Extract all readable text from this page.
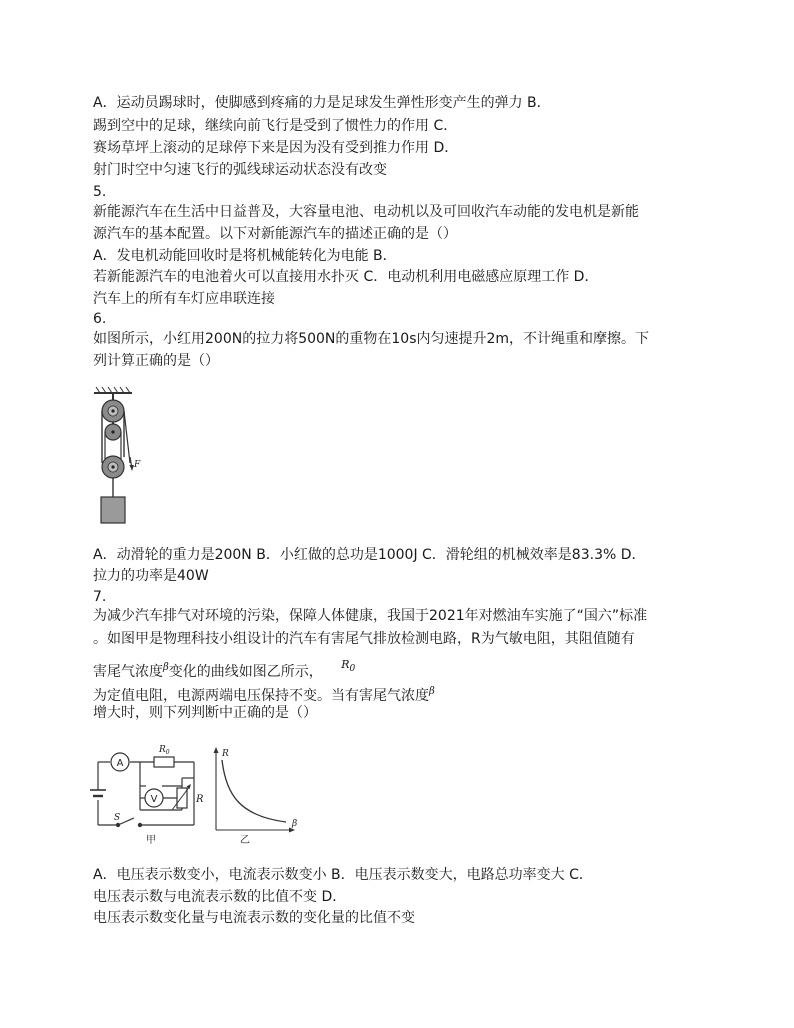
A．运动员踢球时，使脚感到疼痛的力是足球发生弹性形变产生的弹力 B．
踢到空中的足球，继续向前飞行是受到了惯性力的作用 C．
赛场草坪上滚动的足球停下来是因为没有受到推力作用 D．
射门时空中匀速飞行的弧线球运动状态没有改变
5.
新能源汽车在生活中日益普及，大容量电池、电动机以及可回收汽车动能的发电机是新能
源汽车的基本配置。以下对新能源汽车的描述正确的是（）
A．发电机动能回收时是将机械能转化为电能 B．
若新能源汽车的电池着火可以直接用水扑灭 C．电动机利用电磁感应原理工作 D．
汽车上的所有车灯应串联连接
6.
如图所示，小红用200N的拉力将500N的重物在10s内匀速提升2m，不计绳重和摩擦。下
列计算正确的是（）
F
A．动滑轮的重力是200N B．小红做的总功是1000J C．滑轮组的机械效率是83.3% D．
拉力的功率是40W
7.
为减少汽车排气对环境的污染，保障人体健康，我国于2021年对燃油车实施了“国六”标准
。如图甲是物理科技小组设计的汽车有害尾气排放检测电路，R为气敏电阻，其阻值随有
害尾气浓度$^\beta$变化的曲线如图乙所示， $^{R_0}$
为定值电阻，电源两端电压保持不变。当有害尾气浓度$^\beta$
增大时，则下列判断中正确的是（）
A
$R_0$
V	R
S
甲
R
β
乙
A．电压表示数变小，电流表示数变小 B．电压表示数变大，电路总功率变大 C．
电压表示数与电流表示数的比值不变 D．
电压表示数变化量与电流表示数的变化量的比值不变
